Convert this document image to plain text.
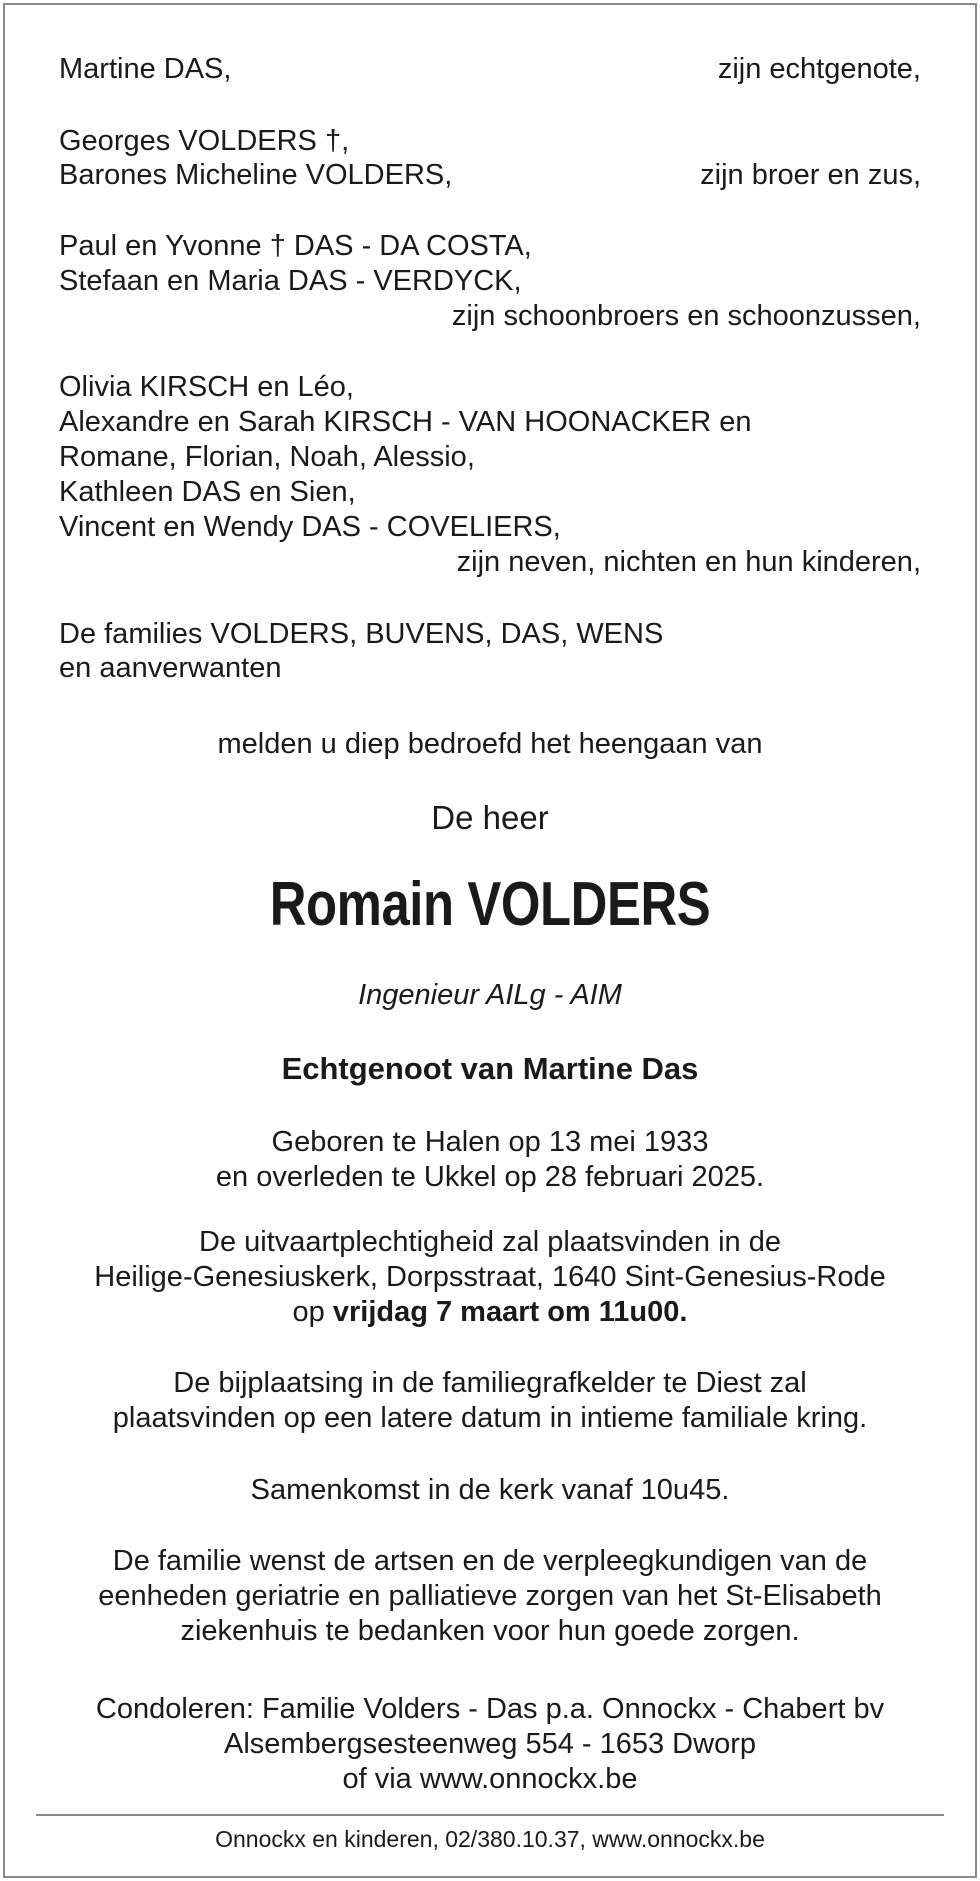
Martine DAS,	zijn echtgenote,
Georges VOLDERS †,
Barones Micheline VOLDERS,	zijn broer en zus,
Paul en Yvonne † DAS - DA COSTA,
Stefaan en Maria DAS - VERDYCK,
zijn schoonbroers en schoonzussen,
Olivia KIRSCH en Léo,
Alexandre en Sarah KIRSCH - VAN HOONACKER en
Romane, Florian, Noah, Alessio,
Kathleen DAS en Sien,
Vincent en Wendy DAS - COVELIERS,
zijn neven, nichten en hun kinderen,
De families VOLDERS, BUVENS, DAS, WENS
en aanverwanten
melden u diep bedroefd het heengaan van
De heer
Romain VOLDERS
Ingenieur AILg - AIM
Echtgenoot van Martine Das
Geboren te Halen op 13 mei 1933
en overleden te Ukkel op 28 februari 2025.
De uitvaartplechtigheid zal plaatsvinden in de
Heilige-Genesiuskerk, Dorpsstraat, 1640 Sint-Genesius-Rode
op vrijdag 7 maart om 11u00.
De bijplaatsing in de familiegrafkelder te Diest zal
plaatsvinden op een latere datum in intieme familiale kring.
Samenkomst in de kerk vanaf 10u45.
De familie wenst de artsen en de verpleegkundigen van de
eenheden geriatrie en palliatieve zorgen van het St-Elisabeth
ziekenhuis te bedanken voor hun goede zorgen.
Condoleren: Familie Volders - Das p.a. Onnockx - Chabert bv
Alsembergsesteenweg 554 - 1653 Dworp
of via www.onnockx.be
Onnockx en kinderen, 02/380.10.37, www.onnockx.be
